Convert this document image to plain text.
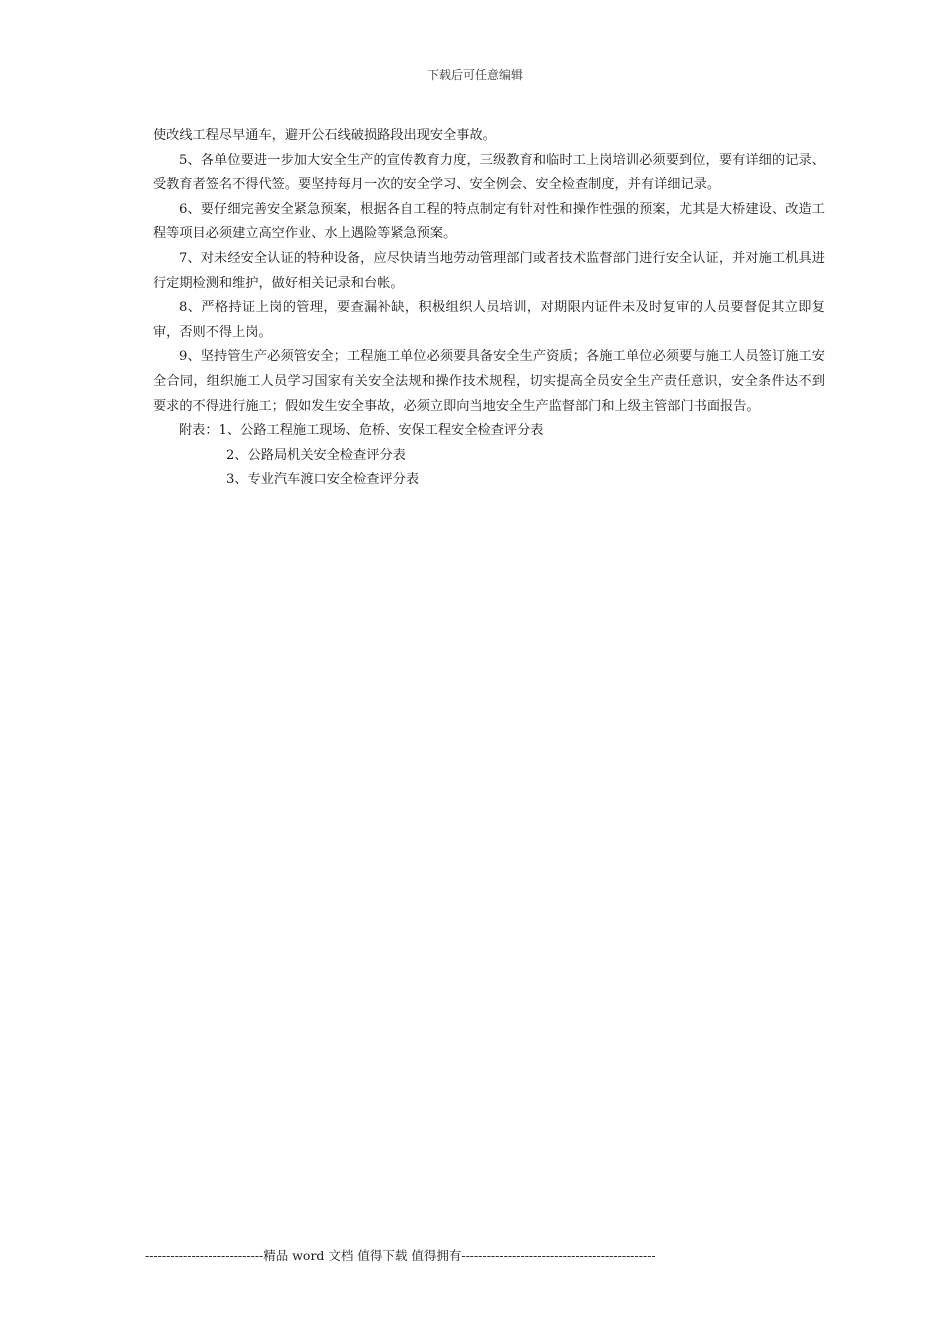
下载后可任意编辑

使改线工程尽早通车，避开公石线破损路段出现安全事故。

5、各单位要进一步加大安全生产的宣传教育力度，三级教育和临时工上岗培训必须要到位，要有详细的记录、受教育者签名不得代签。要坚持每月一次的安全学习、安全例会、安全检查制度，并有详细记录。

6、要仔细完善安全紧急预案，根据各自工程的特点制定有针对性和操作性强的预案，尤其是大桥建设、改造工程等项目必须建立高空作业、水上遇险等紧急预案。

7、对未经安全认证的特种设备，应尽快请当地劳动管理部门或者技术监督部门进行安全认证，并对施工机具进行定期检测和维护，做好相关记录和台帐。

8、严格持证上岗的管理，要查漏补缺，积极组织人员培训，对期限内证件未及时复审的人员要督促其立即复审，否则不得上岗。

9、坚持管生产必须管安全；工程施工单位必须要具备安全生产资质；各施工单位必须要与施工人员签订施工安全合同，组织施工人员学习国家有关安全法规和操作技术规程，切实提高全员安全生产责任意识，安全条件达不到要求的不得进行施工；假如发生安全事故，必须立即向当地安全生产监督部门和上级主管部门书面报告。

附表：1、公路工程施工现场、危桥、安保工程安全检查评分表

2、公路局机关安全检查评分表

3、专业汽车渡口安全检查评分表

----------------------------精品 word 文档 值得下载 值得拥有----------------------------------------------
